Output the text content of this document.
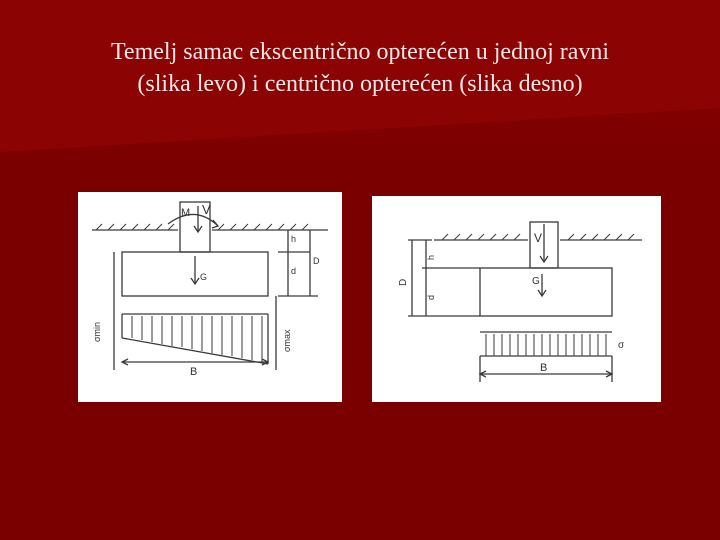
Temelj samac ekscentrično opterećen u jednoj ravni
(slika levo) i centrično opterećen (slika desno)
M V
G
d
h
D
σmin	σmax
B
V
G
h
d
D
σ
B
